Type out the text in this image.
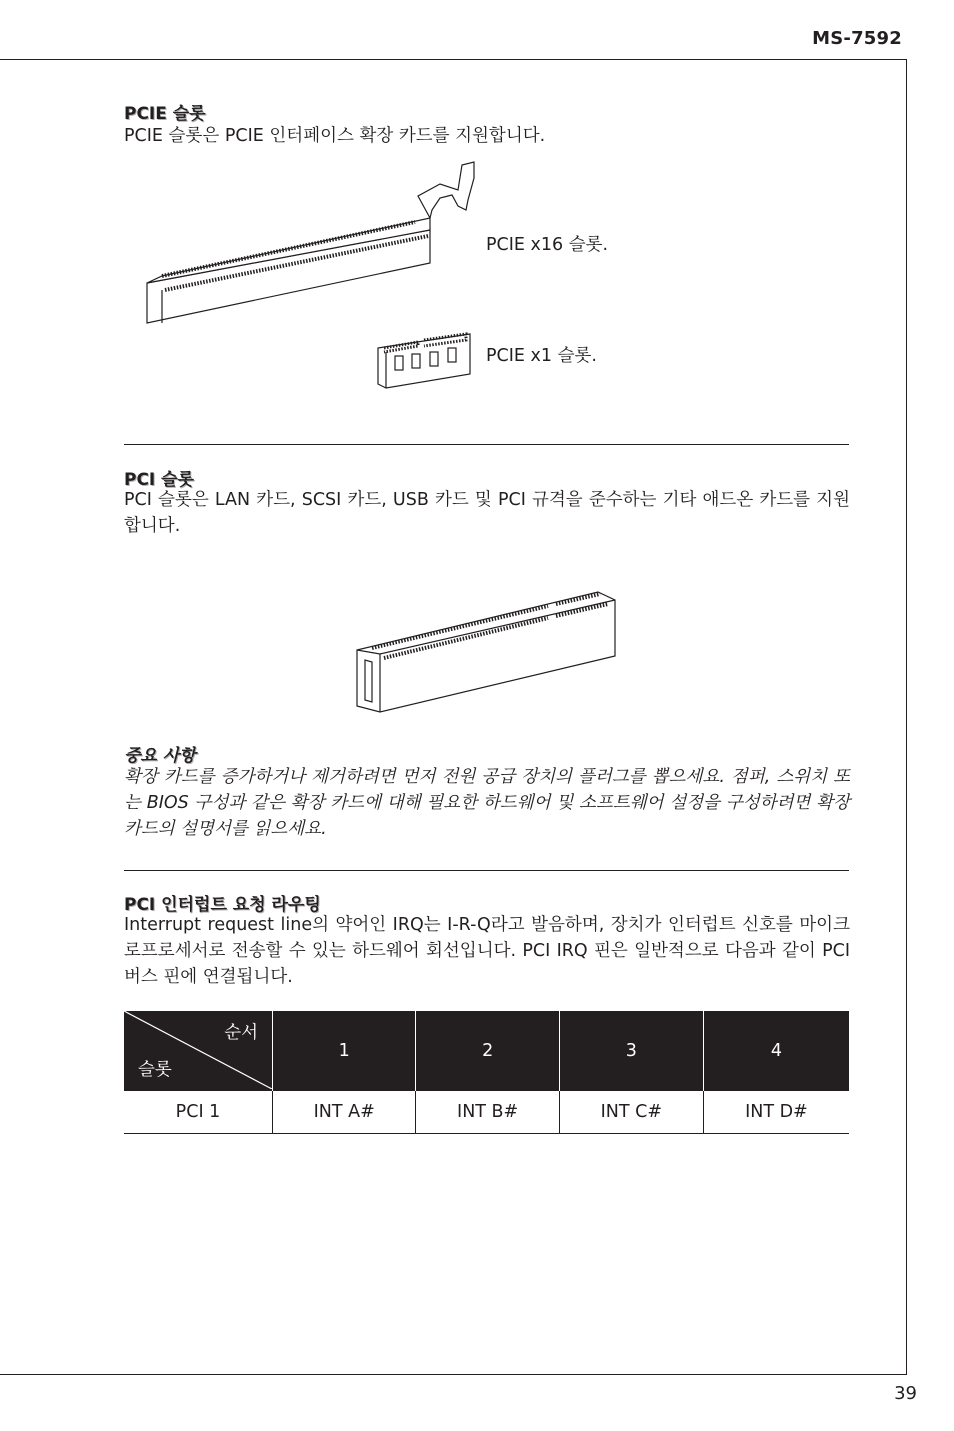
MS-7592
PCIE 슬롯
PCIE 슬롯은 PCIE 인터페이스 확장 카드를 지원합니다.
PCIE x16 슬롯.
PCIE x1 슬롯.
PCI 슬롯
PCI 슬롯은 LAN 카드, SCSI 카드, USB 카드 및 PCI 규격을 준수하는 기타 애드온 카드를 지원합니다.
중요 사항
확장 카드를 증가하거나 제거하려면 먼저 전원 공급 장치의 플러그를 뽑으세요. 점퍼, 스위치 또는 BIOS 구성과 같은 확장 카드에 대해 필요한 하드웨어 및 소프트웨어 설정을 구성하려면 확장 카드의 설명서를 읽으세요.
PCI 인터럽트 요청 라우팅
Interrupt request line의 약어인 IRQ는 I-R-Q라고 발음하며, 장치가 인터럽트 신호를 마이크로프로세서로 전송할 수 있는 하드웨어 회선입니다. PCI IRQ 핀은 일반적으로 다음과 같이 PCI 버스 핀에 연결됩니다.
순서
슬롯	1	2	3	4
PCI 1	INT A#	INT B#	INT C#	INT D#
39
